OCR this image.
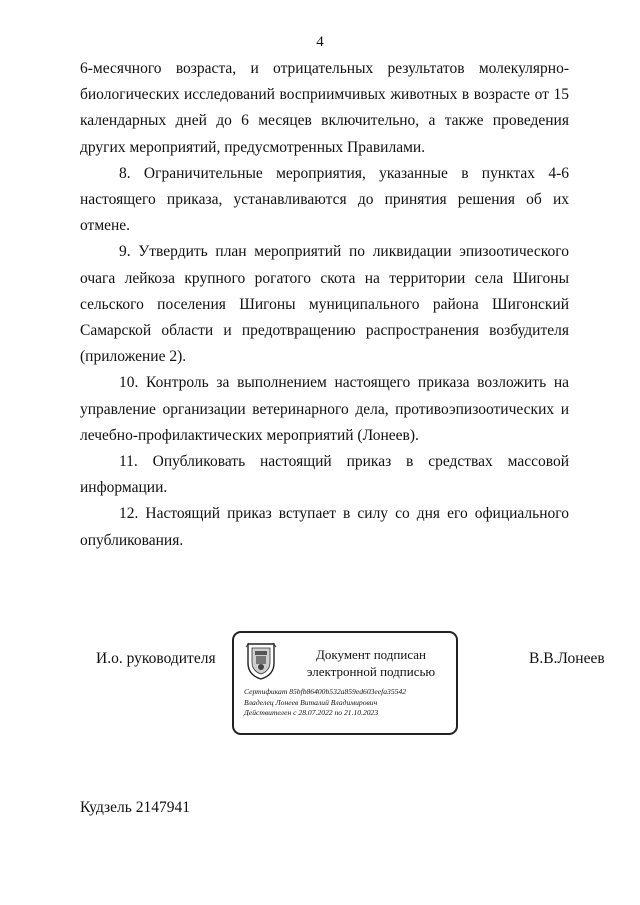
4

6-месячного возраста, и отрицательных результатов молекулярно-биологических исследований восприимчивых животных в возрасте от 15 календарных дней до 6 месяцев включительно, а также проведения других мероприятий, предусмотренных Правилами.

8. Ограничительные мероприятия, указанные в пунктах 4-6 настоящего приказа, устанавливаются до принятия решения об их отмене.

9. Утвердить план мероприятий по ликвидации эпизоотического очага лейкоза крупного рогатого скота на территории села Шигоны сельского поселения Шигоны муниципального района Шигонский Самарской области и предотвращению распространения возбудителя (приложение 2).

10. Контроль за выполнением настоящего приказа возложить на управление организации ветеринарного дела, противоэпизоотических и лечебно-профилактических мероприятий (Лонеев).

11. Опубликовать настоящий приказ в средствах массовой информации.

12. Настоящий приказ вступает в силу со дня его официального опубликования.

И.о. руководителя	Документ подписан
электронной подписью
Сертификат 85bfb86400b532a859ed603eefa35542
Владелец Лонеев Виталий Владимирович
Действителен с 28.07.2022 по 21.10.2023
В.В.Лонеев
Кудзель 2147941
